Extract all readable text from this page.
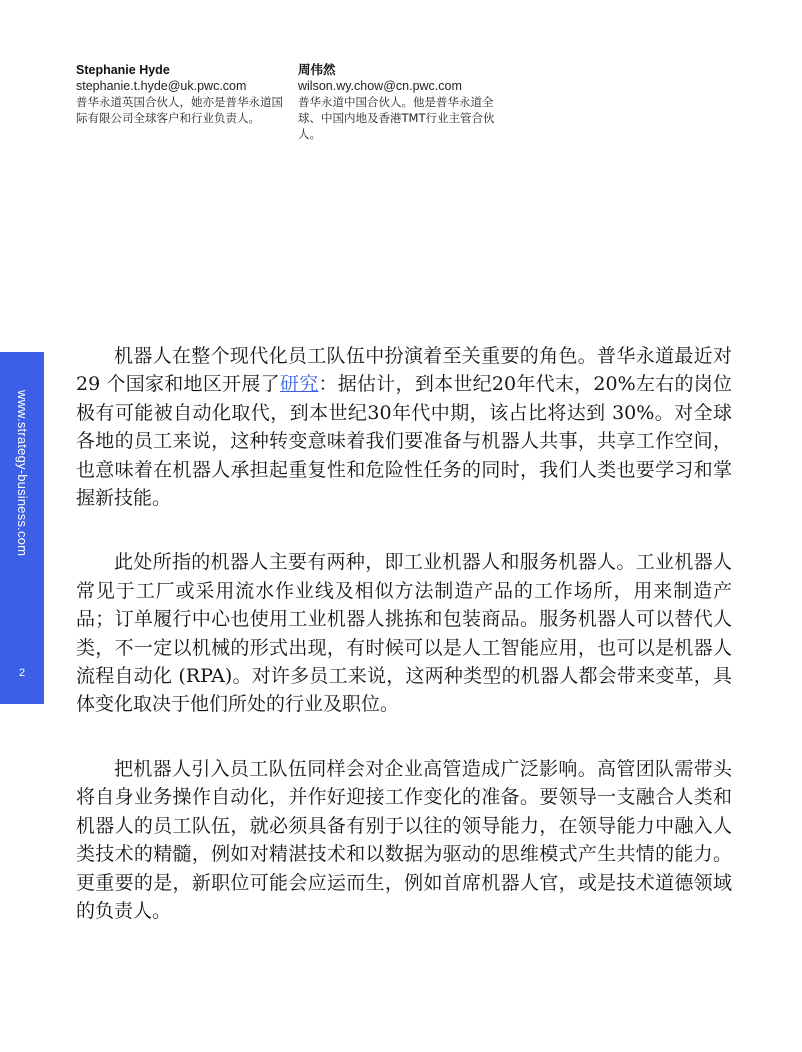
Stephanie Hyde
stephanie.t.hyde@uk.pwc.com
普华永道英国合伙人，她亦是普华永道国际有限公司全球客户和行业负责人。
周伟然
wilson.wy.chow@cn.pwc.com
普华永道中国合伙人。他是普华永道全球、中国内地及香港TMT行业主管合伙人。
www.strategy-business.com
2

机器人在整个现代化员工队伍中扮演着至关重要的角色。普华永道最近对 29 个国家和地区开展了研究：据估计，到本世纪20年代末，20%左右的岗位极有可能被自动化取代，到本世纪30年代中期，该占比将达到 30%。对全球各地的员工来说，这种转变意味着我们要准备与机器人共事，共享工作空间，也意味着在机器人承担起重复性和危险性任务的同时，我们人类也要学习和掌握新技能。

此处所指的机器人主要有两种，即工业机器人和服务机器人。工业机器人常见于工厂或采用流水作业线及相似方法制造产品的工作场所，用来制造产品；订单履行中心也使用工业机器人挑拣和包装商品。服务机器人可以替代人类，不一定以机械的形式出现，有时候可以是人工智能应用，也可以是机器人流程自动化 (RPA)。对许多员工来说，这两种类型的机器人都会带来变革，具体变化取决于他们所处的行业及职位。

把机器人引入员工队伍同样会对企业高管造成广泛影响。高管团队需带头将自身业务操作自动化，并作好迎接工作变化的准备。要领导一支融合人类和机器人的员工队伍，就必须具备有别于以往的领导能力，在领导能力中融入人类技术的精髓，例如对精湛技术和以数据为驱动的思维模式产生共情的能力。更重要的是，新职位可能会应运而生，例如首席机器人官，或是技术道德领域的负责人。
